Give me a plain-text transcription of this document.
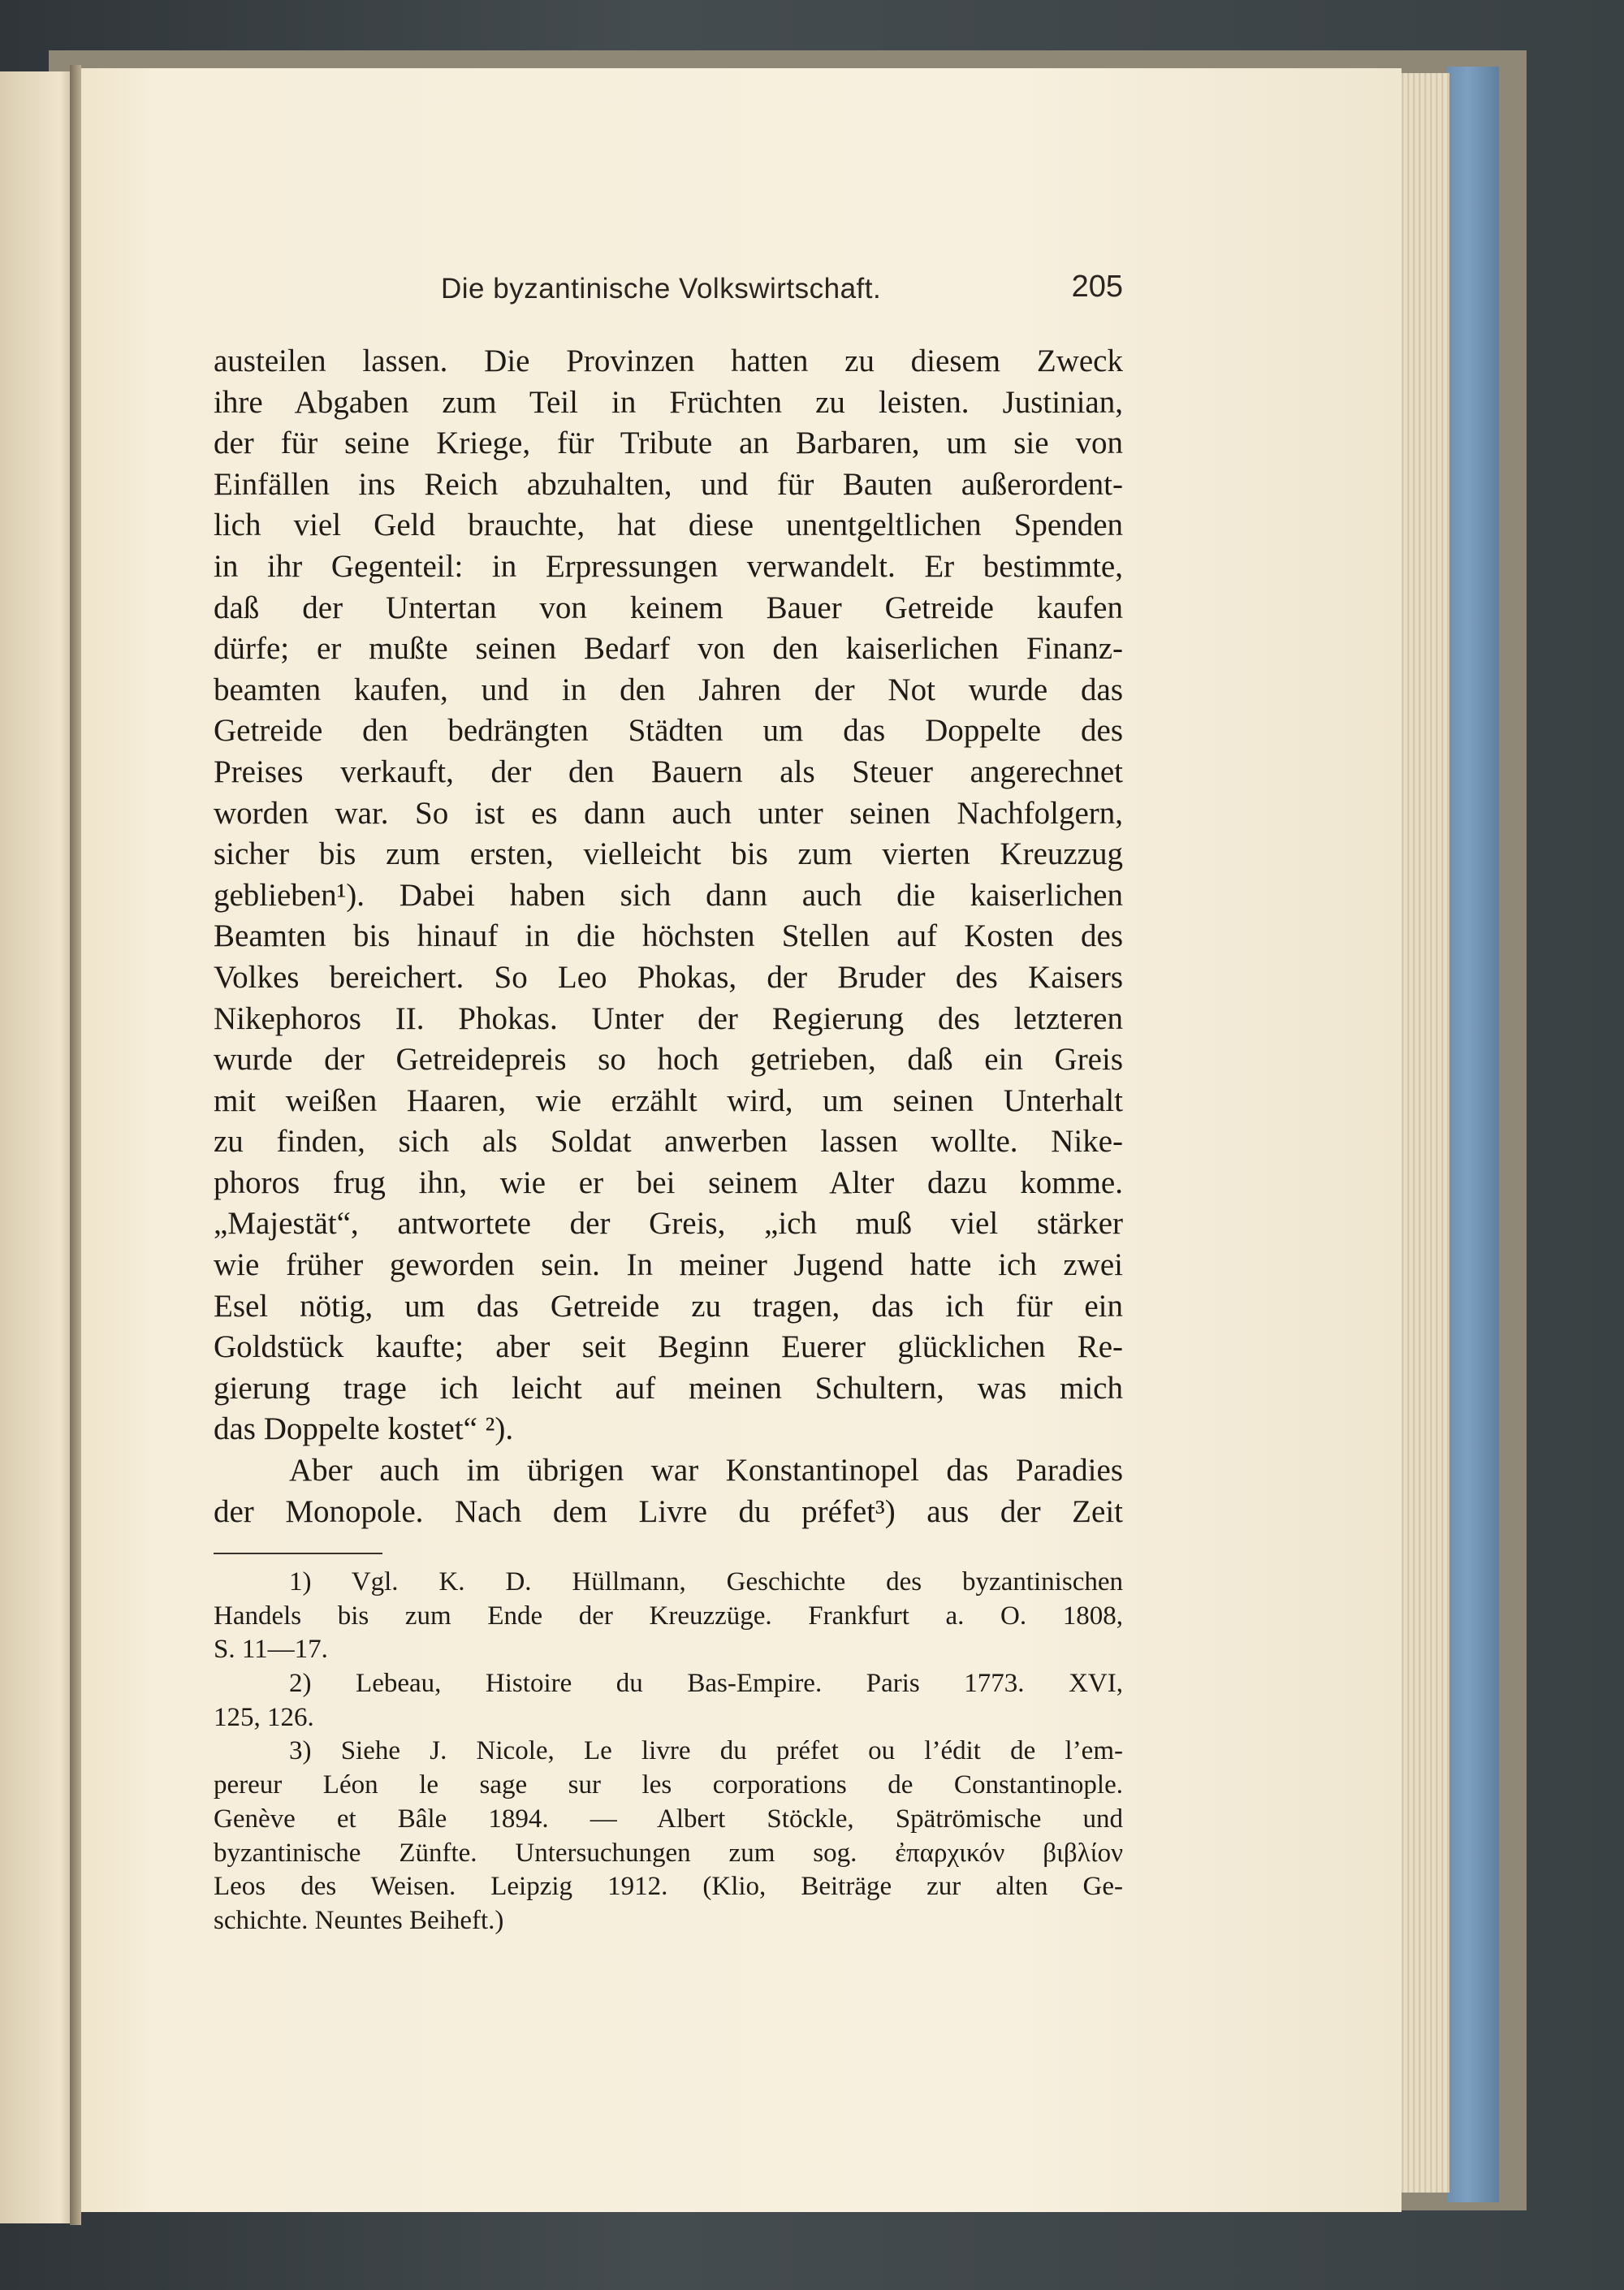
Die byzantinische Volkswirtschaft.	205
austeilen lassen. Die Provinzen hatten zu diesem Zweck
ihre Abgaben zum Teil in Früchten zu leisten. Justinian,
der für seine Kriege, für Tribute an Barbaren, um sie von
Einfällen ins Reich abzuhalten, und für Bauten außerordent-
lich viel Geld brauchte, hat diese unentgeltlichen Spenden
in ihr Gegenteil: in Erpressungen verwandelt. Er bestimmte,
daß der Untertan von keinem Bauer Getreide kaufen
dürfe; er mußte seinen Bedarf von den kaiserlichen Finanz-
beamten kaufen, und in den Jahren der Not wurde das
Getreide den bedrängten Städten um das Doppelte des
Preises verkauft, der den Bauern als Steuer angerechnet
worden war. So ist es dann auch unter seinen Nachfolgern,
sicher bis zum ersten, vielleicht bis zum vierten Kreuzzug
geblieben¹). Dabei haben sich dann auch die kaiserlichen
Beamten bis hinauf in die höchsten Stellen auf Kosten des
Volkes bereichert. So Leo Phokas, der Bruder des Kaisers
Nikephoros II. Phokas. Unter der Regierung des letzteren
wurde der Getreidepreis so hoch getrieben, daß ein Greis
mit weißen Haaren, wie erzählt wird, um seinen Unterhalt
zu finden, sich als Soldat anwerben lassen wollte. Nike-
phoros frug ihn, wie er bei seinem Alter dazu komme.
„Majestät“, antwortete der Greis, „ich muß viel stärker
wie früher geworden sein. In meiner Jugend hatte ich zwei
Esel nötig, um das Getreide zu tragen, das ich für ein
Goldstück kaufte; aber seit Beginn Euerer glücklichen Re-
gierung trage ich leicht auf meinen Schultern, was mich
das Doppelte kostet“ ²).
Aber auch im übrigen war Konstantinopel das Paradies
der Monopole. Nach dem Livre du préfet³) aus der Zeit
1) Vgl. K. D. Hüllmann, Geschichte des byzantinischen
Handels bis zum Ende der Kreuzzüge. Frankfurt a. O. 1808,
S. 11—17.
2) Lebeau, Histoire du Bas-Empire. Paris 1773. XVI,
125, 126.
3) Siehe J. Nicole, Le livre du préfet ou l’édit de l’em-
pereur Léon le sage sur les corporations de Constantinople.
Genève et Bâle 1894. — Albert Stöckle, Spätrömische und
byzantinische Zünfte. Untersuchungen zum sog. ἐπαρχικόν βιβλίον
Leos des Weisen. Leipzig 1912. (Klio, Beiträge zur alten Ge-
schichte. Neuntes Beiheft.)
